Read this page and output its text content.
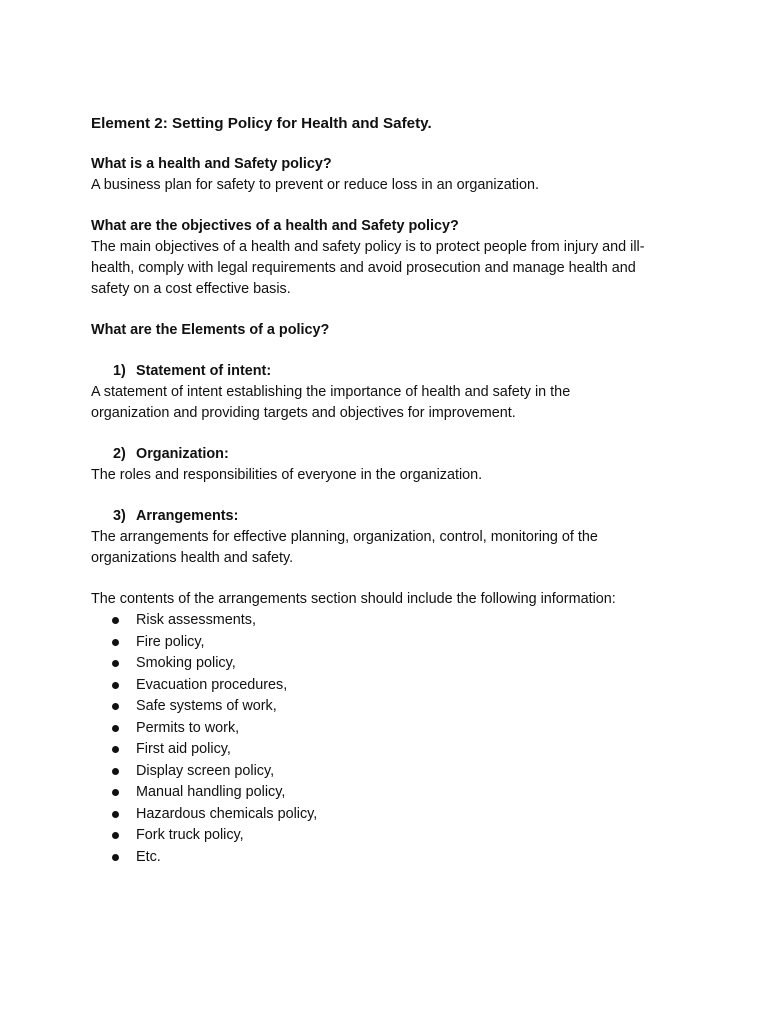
Element 2: Setting Policy for Health and Safety.

What is a health and Safety policy?

A business plan for safety to prevent or reduce loss in an organization.

What are the objectives of a health and Safety policy?

The main objectives of a health and safety policy is to protect people from injury and ill-

health, comply with legal requirements and avoid prosecution and manage health and

safety on a cost effective basis.

What are the Elements of a policy?

1) Statement of intent:

A statement of intent establishing the importance of health and safety in the

organization and providing targets and objectives for improvement.

2) Organization:

The roles and responsibilities of everyone in the organization.

3) Arrangements:

The arrangements for effective planning, organization, control, monitoring of the

organizations health and safety.

The contents of the arrangements section should include the following information:

Risk assessments,
Fire policy,
Smoking policy,
Evacuation procedures,
Safe systems of work,
Permits to work,
First aid policy,
Display screen policy,
Manual handling policy,
Hazardous chemicals policy,
Fork truck policy,
Etc.
